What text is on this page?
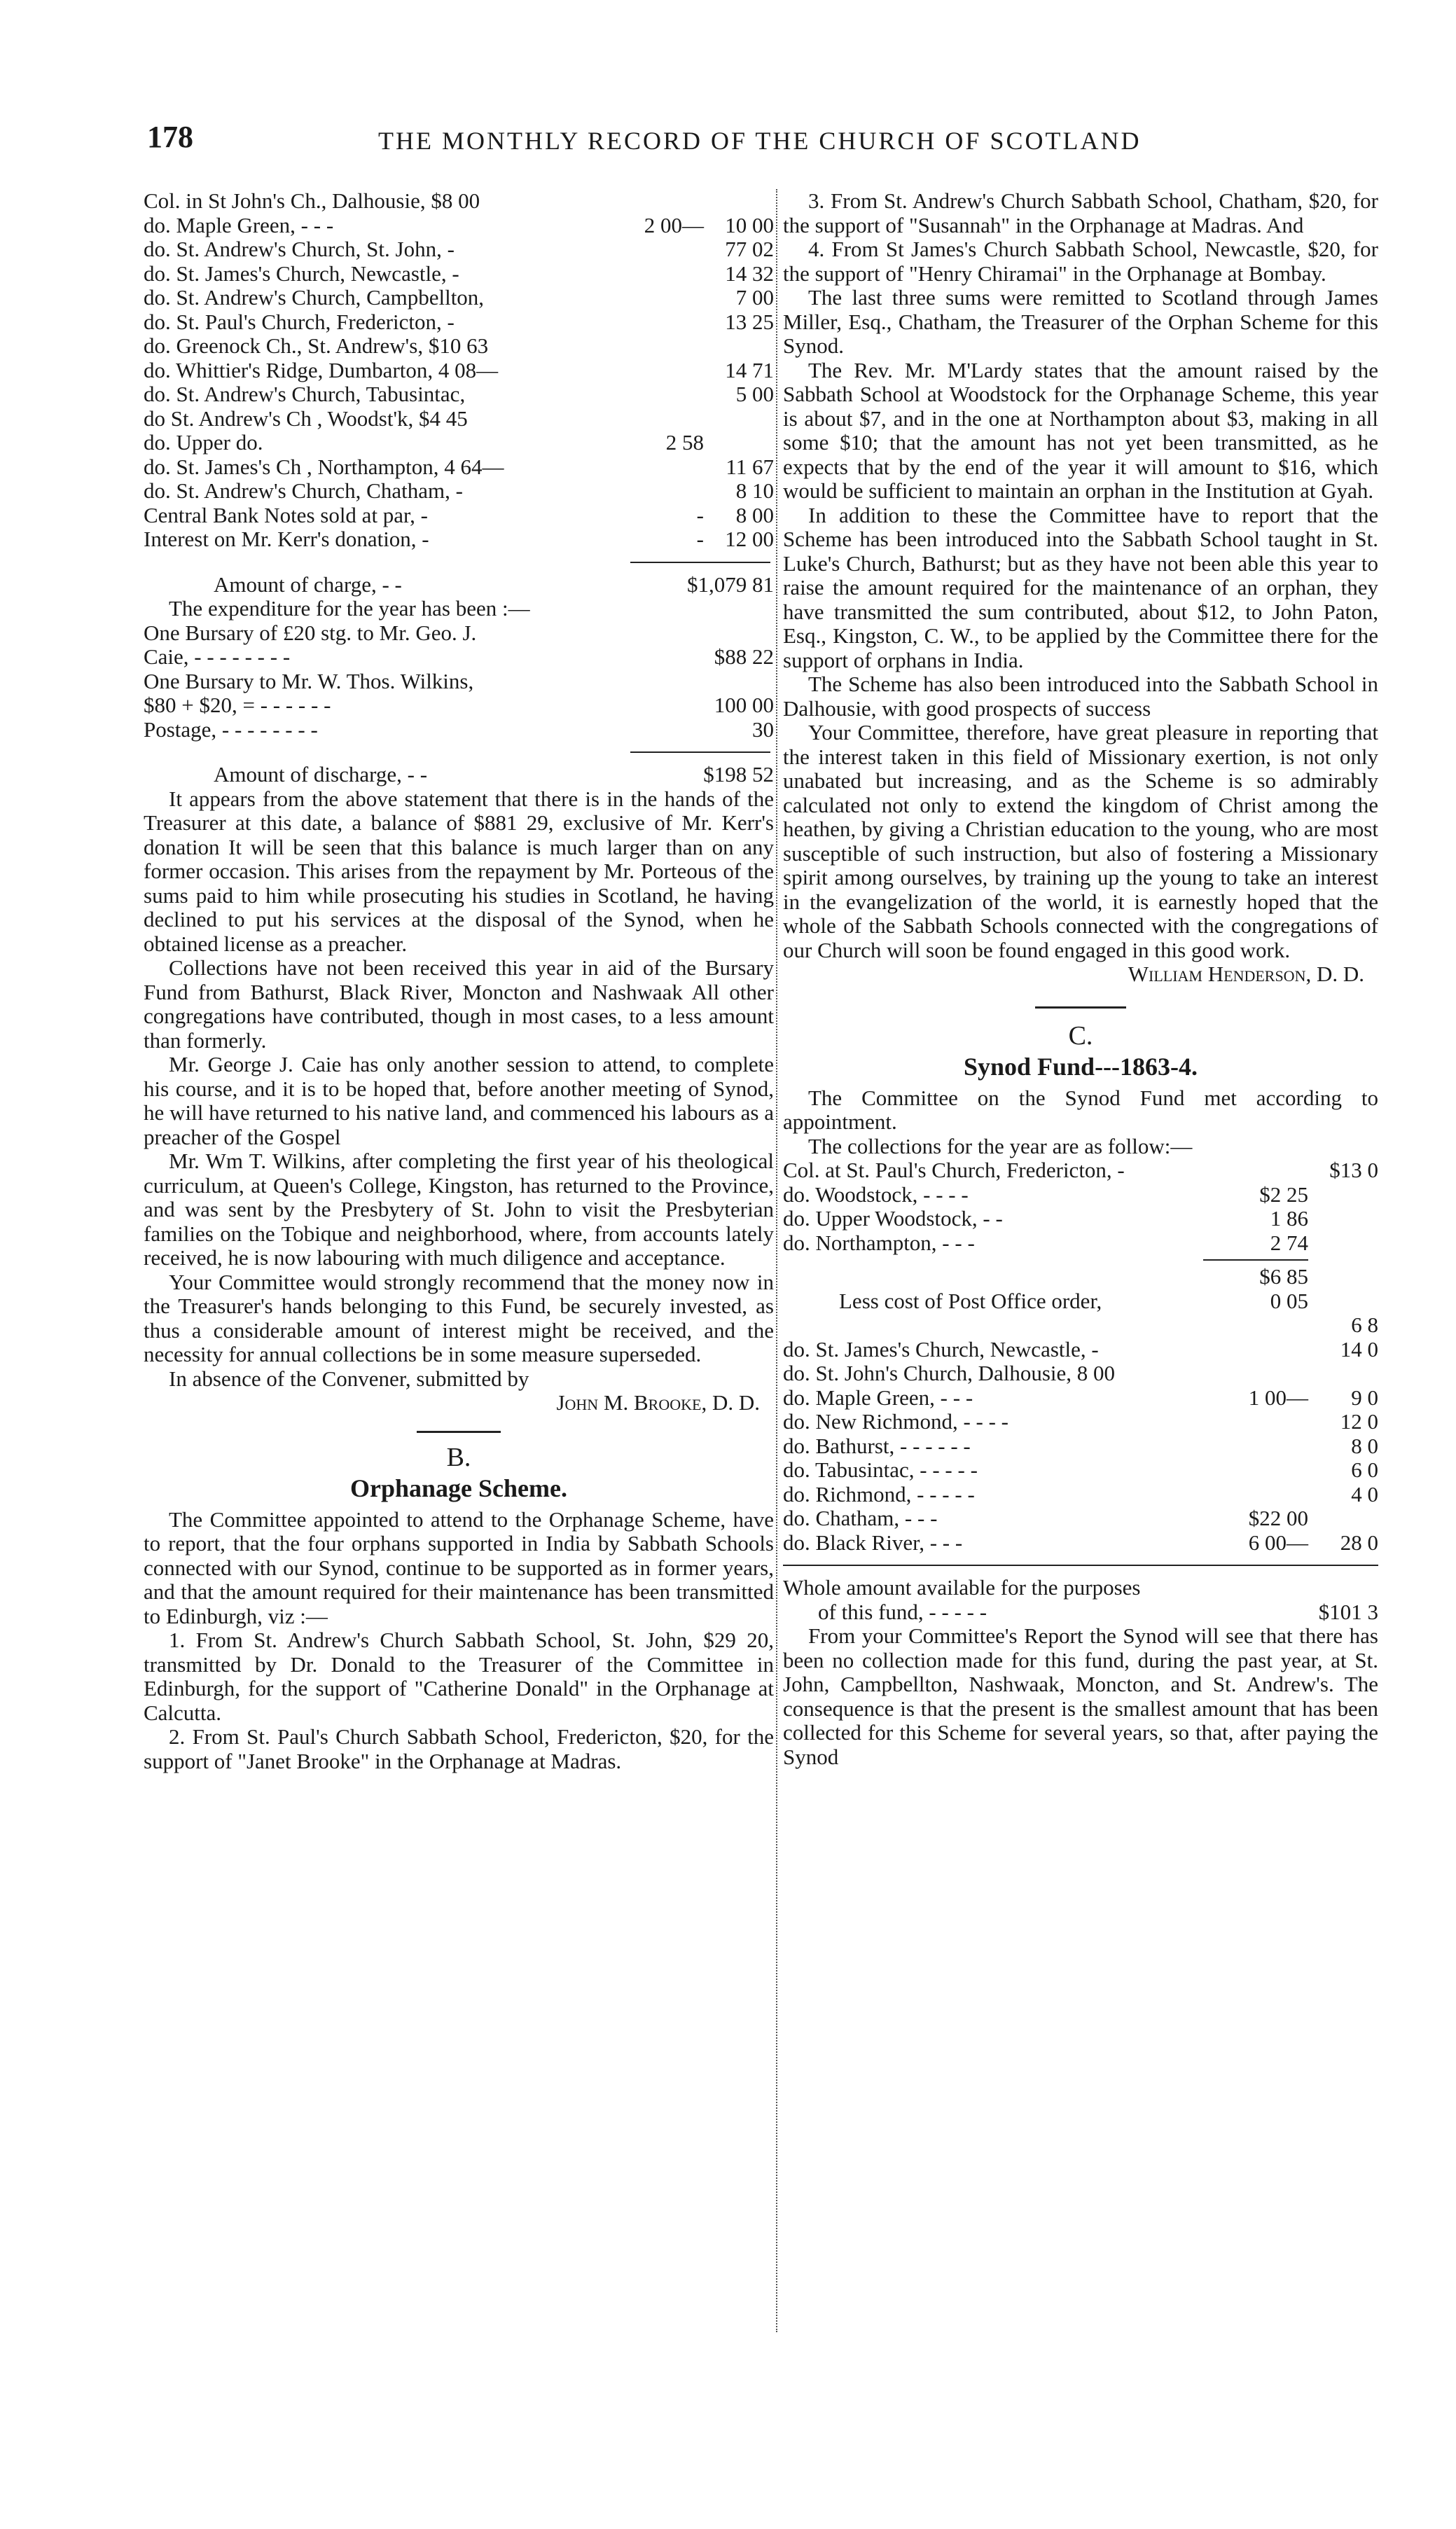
178	THE MONTHLY RECORD OF THE CHURCH OF SCOTLAND
Col. in St John's Ch., Dalhousie, $8 00
do. Maple Green, - - -	2 00— 10 00
do. St. Andrew's Church, St. John, -	77 02
do. St. James's Church, Newcastle, -	14 32
do. St. Andrew's Church, Campbellton,	7 00
do. St. Paul's Church, Fredericton, -	13 25
do. Greenock Ch., St. Andrew's, $10 63
do. Whittier's Ridge, Dumbarton, 4 08—	14 71
do. St. Andrew's Church, Tabusintac,	5 00
do St. Andrew's Ch , Woodst'k, $4 45
do. Upper do.	2 58
do. St. James's Ch , Northampton, 4 64—	11 67
do. St. Andrew's Church, Chatham, -	8 10
Central Bank Notes sold at par, -	-	8 00
Interest on Mr. Kerr's donation, -	- 12 00
Amount of charge, - -	$1,079 81

The expenditure for the year has been :—

One Bursary of £20 stg. to Mr. Geo. J.
Caie, - - - - - - - -	$88 22
One Bursary to Mr. W. Thos. Wilkins,
$80 + $20, = - - - - - -	100 00
Postage, - - - - - - - -	30
Amount of discharge, - -	$198 52

It appears from the above statement that there is in the hands of the Treasurer at this date, a balance of $881 29, exclusive of Mr. Kerr's donation It will be seen that this balance is much larger than on any former occasion. This arises from the repayment by Mr. Porteous of the sums paid to him while prosecuting his studies in Scotland, he having declined to put his services at the disposal of the Synod, when he obtained license as a preacher.

Collections have not been received this year in aid of the Bursary Fund from Bathurst, Black River, Moncton and Nashwaak All other congregations have contributed, though in most cases, to a less amount than formerly.

Mr. George J. Caie has only another session to attend, to complete his course, and it is to be hoped that, before another meeting of Synod, he will have returned to his native land, and commenced his labours as a preacher of the Gospel

Mr. Wm T. Wilkins, after completing the first year of his theological curriculum, at Queen's College, Kingston, has returned to the Province, and was sent by the Presbytery of St. John to visit the Presbyterian families on the Tobique and neighborhood, where, from accounts lately received, he is now labouring with much diligence and acceptance.

Your Committee would strongly recommend that the money now in the Treasurer's hands belonging to this Fund, be securely invested, as thus a considerable amount of interest might be received, and the necessity for annual collections be in some measure superseded.

In absence of the Convener, submitted by

John M. Brooke, D. D.

B.
Orphanage Scheme.

The Committee appointed to attend to the Orphanage Scheme, have to report, that the four orphans supported in India by Sabbath Schools connected with our Synod, continue to be supported as in former years, and that the amount required for their maintenance has been transmitted to Edinburgh, viz :—

1. From St. Andrew's Church Sabbath School, St. John, $29 20, transmitted by Dr. Donald to the Treasurer of the Committee in Edinburgh, for the support of "Catherine Donald" in the Orphanage at Calcutta.

2. From St. Paul's Church Sabbath School, Fredericton, $20, for the support of "Janet Brooke" in the Orphanage at Madras.

3. From St. Andrew's Church Sabbath School, Chatham, $20, for the support of "Susannah" in the Orphanage at Madras. And

4. From St James's Church Sabbath School, Newcastle, $20, for the support of "Henry Chiramai" in the Orphanage at Bombay.

The last three sums were remitted to Scotland through James Miller, Esq., Chatham, the Treasurer of the Orphan Scheme for this Synod.

The Rev. Mr. M'Lardy states that the amount raised by the Sabbath School at Woodstock for the Orphanage Scheme, this year is about $7, and in the one at Northampton about $3, making in all some $10; that the amount has not yet been transmitted, as he expects that by the end of the year it will amount to $16, which would be sufficient to maintain an orphan in the Institution at Gyah.

In addition to these the Committee have to report that the Scheme has been introduced into the Sabbath School taught in St. Luke's Church, Bathurst; but as they have not been able this year to raise the amount required for the maintenance of an orphan, they have transmitted the sum contributed, about $12, to John Paton, Esq., Kingston, C. W., to be applied by the Committee there for the support of orphans in India.

The Scheme has also been introduced into the Sabbath School in Dalhousie, with good prospects of success

Your Committee, therefore, have great pleasure in reporting that the interest taken in this field of Missionary exertion, is not only unabated but increasing, and as the Scheme is so admirably calculated not only to extend the kingdom of Christ among the heathen, by giving a Christian education to the young, who are most susceptible of such instruction, but also of fostering a Missionary spirit among ourselves, by training up the young to take an interest in the evangelization of the world, it is earnestly hoped that the whole of the Sabbath Schools connected with the congregations of our Church will soon be found engaged in this good work.

William Henderson, D. D.

C.
Synod Fund---1863-4.

The Committee on the Synod Fund met according to appointment.

The collections for the year are as follow:—

Col. at St. Paul's Church, Fredericton, -	$13 0
do. Woodstock, - - - -	$2 25
do. Upper Woodstock, - -	1 86
do. Northampton, - - -	2 74
$6 85
Less cost of Post Office order,	0 05
6 8
do. St. James's Church, Newcastle, -	14 0
do. St. John's Church, Dalhousie, 8 00
do. Maple Green, - - -	1 00—	9 0
do. New Richmond, - - - -	12 0
do. Bathurst, - - - - - -	8 0
do. Tabusintac, - - - - -	6 0
do. Richmond, - - - - -	4 0
do. Chatham, - - -	$22 00
do. Black River, - - -	6 00—	28 0

Whole amount available for the purposes

of this fund, - - - - -	$101 3

From your Committee's Report the Synod will see that there has been no collection made for this fund, during the past year, at St. John, Campbellton, Nashwaak, Moncton, and St. Andrew's. The consequence is that the present is the smallest amount that has been collected for this Scheme for several years, so that, after paying the Synod
